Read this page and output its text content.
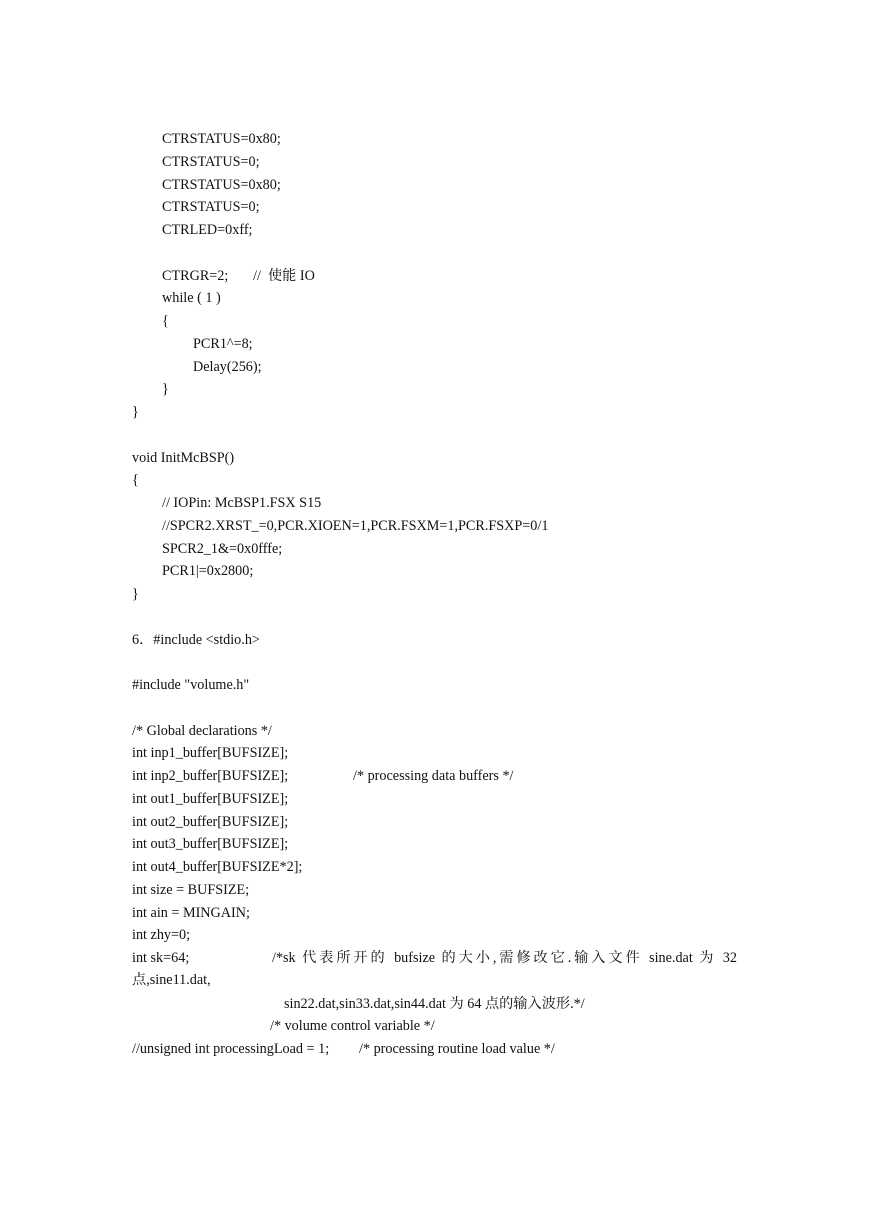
CTRSTATUS=0x80;
CTRSTATUS=0;
CTRSTATUS=0x80;
CTRSTATUS=0;
CTRLED=0xff;
CTRGR=2; //  使能 IO
while ( 1 )
{
PCR1^=8;
Delay(256);
}
}
void InitMcBSP()
{
// IOPin: McBSP1.FSX S15
//SPCR2.XRST_=0,PCR.XIOEN=1,PCR.FSXM=1,PCR.FSXP=0/1
SPCR2_1&=0x0fffe;
PCR1|=0x2800;
}
6．#include <stdio.h>
#include "volume.h"
/* Global declarations */
int inp1_buffer[BUFSIZE];
int inp2_buffer[BUFSIZE];	/* processing data buffers */
int out1_buffer[BUFSIZE];
int out2_buffer[BUFSIZE];
int out3_buffer[BUFSIZE];
int out4_buffer[BUFSIZE*2];
int size = BUFSIZE;
int ain = MINGAIN;
int zhy=0;
int sk=64;	/*sk 代表所开的 bufsize 的大小,需修改它.输入文件 sine.dat 为 32
点,sine11.dat,
sin22.dat,sin33.dat,sin44.dat 为 64 点的输入波形.*/
/* volume control variable */
//unsigned int processingLoad = 1; /* processing routine load value */
